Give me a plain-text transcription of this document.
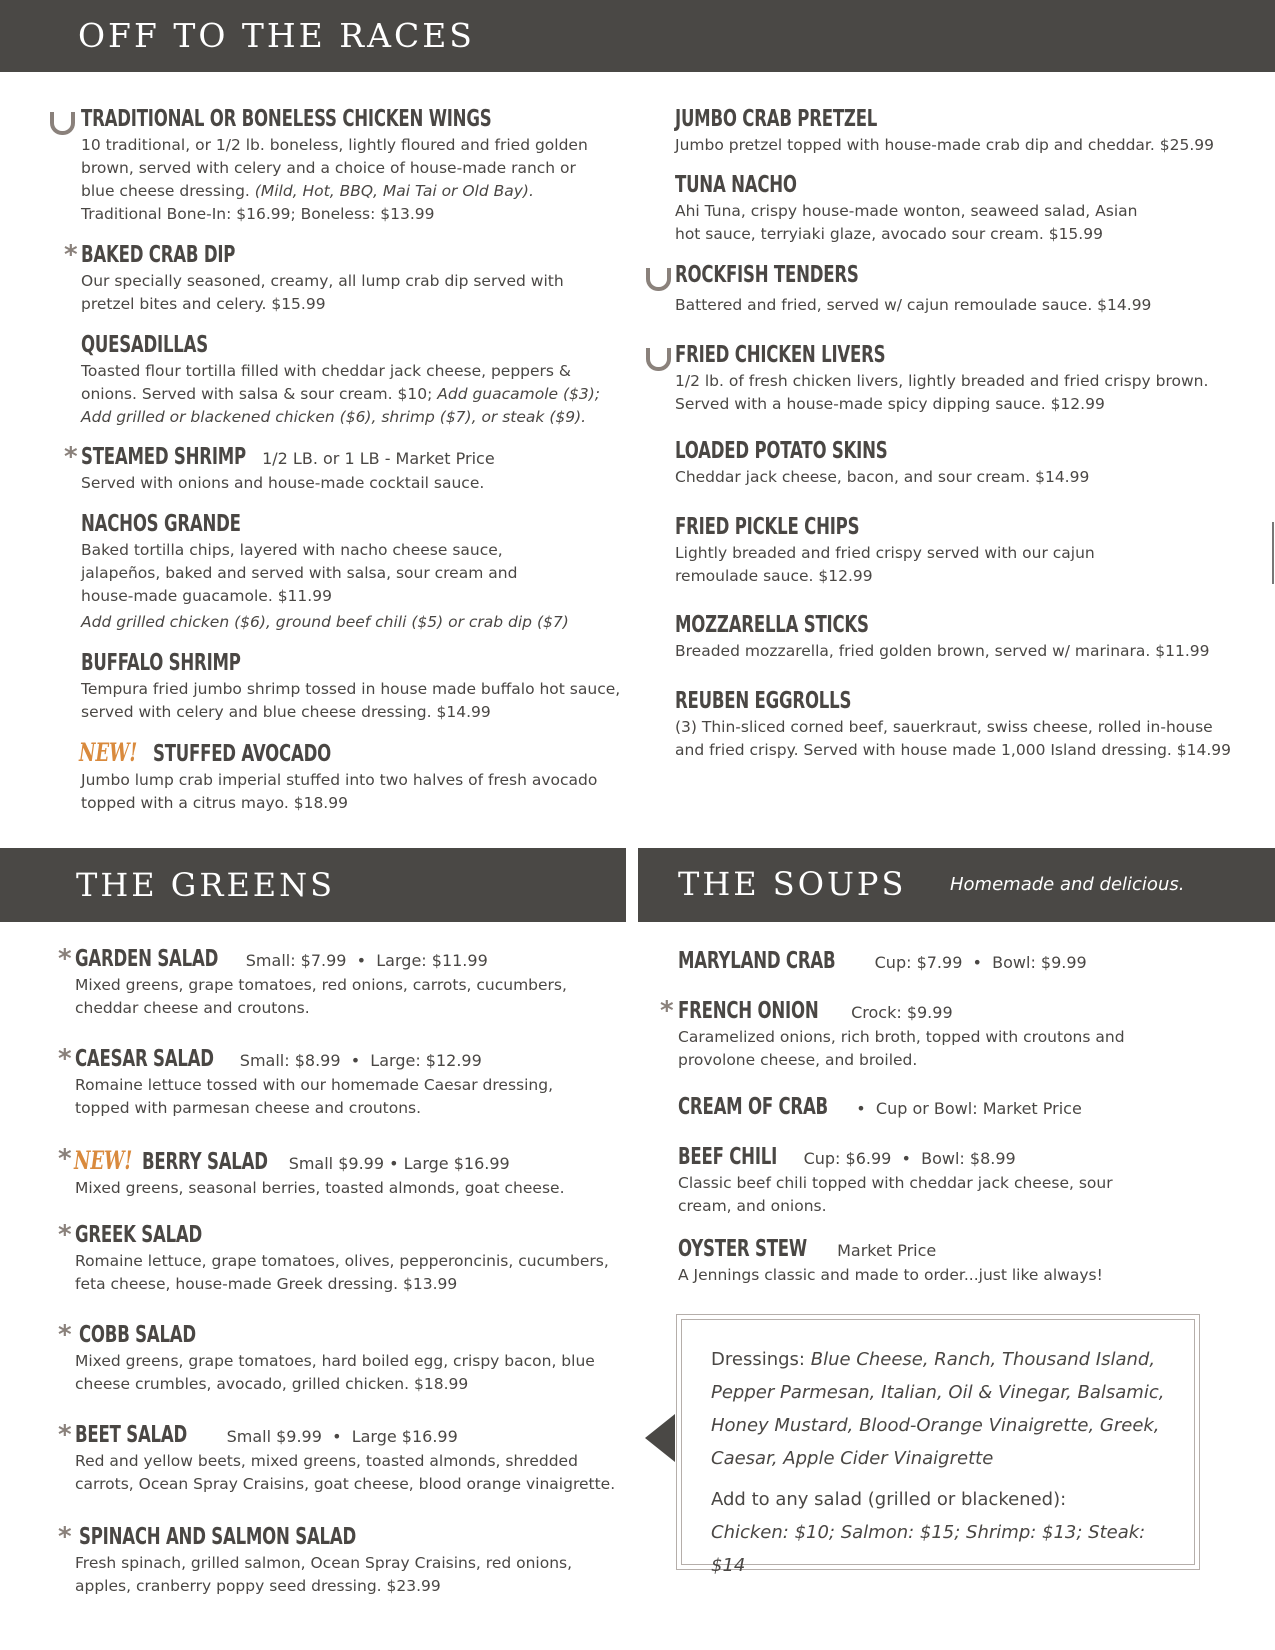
OFF TO THE RACES
TRADITIONAL OR BONELESS CHICKEN WINGS
10 traditional, or 1/2 lb. boneless, lightly floured and fried golden brown, served with celery and a choice of house-made ranch or blue cheese dressing. (Mild, Hot, BBQ, Mai Tai or Old Bay).
Traditional Bone-In: $16.99; Boneless: $13.99
* BAKED CRAB DIP
Our specially seasoned, creamy, all lump crab dip served with pretzel bites and celery. $15.99
QUESADILLAS
Toasted flour tortilla filled with cheddar jack cheese, peppers & onions. Served with salsa & sour cream. $10; Add guacamole ($3); Add grilled or blackened chicken ($6), shrimp ($7), or steak ($9).
* STEAMED SHRIMP 1/2 LB. or 1 LB - Market Price
Served with onions and house-made cocktail sauce.
NACHOS GRANDE
Baked tortilla chips, layered with nacho cheese sauce, jalapeños, baked and served with salsa, sour cream and house-made guacamole. $11.99
Add grilled chicken ($6), ground beef chili ($5) or crab dip ($7)
BUFFALO SHRIMP
Tempura fried jumbo shrimp tossed in house made buffalo hot sauce, served with celery and blue cheese dressing. $14.99
NEW! STUFFED AVOCADO
Jumbo lump crab imperial stuffed into two halves of fresh avocado topped with a citrus mayo. $18.99
JUMBO CRAB PRETZEL
Jumbo pretzel topped with house-made crab dip and cheddar. $25.99
TUNA NACHO
Ahi Tuna, crispy house-made wonton, seaweed salad, Asian hot sauce, terryiaki glaze, avocado sour cream. $15.99
ROCKFISH TENDERS
Battered and fried, served w/ cajun remoulade sauce. $14.99
FRIED CHICKEN LIVERS
1/2 lb. of fresh chicken livers, lightly breaded and fried crispy brown. Served with a house-made spicy dipping sauce. $12.99
LOADED POTATO SKINS
Cheddar jack cheese, bacon, and sour cream. $14.99
FRIED PICKLE CHIPS
Lightly breaded and fried crispy served with our cajun remoulade sauce. $12.99
MOZZARELLA STICKS
Breaded mozzarella, fried golden brown, served w/ marinara. $11.99
REUBEN EGGROLLS
(3) Thin-sliced corned beef, sauerkraut, swiss cheese, rolled in-house and fried crispy. Served with house made 1,000 Island dressing. $14.99
THE GREENS
* GARDEN SALAD Small: $7.99  •  Large: $11.99
Mixed greens, grape tomatoes, red onions, carrots, cucumbers, cheddar cheese and croutons.
* CAESAR SALAD Small: $8.99  •  Large: $12.99
Romaine lettuce tossed with our homemade Caesar dressing, topped with parmesan cheese and croutons.
* NEW! BERRY SALAD Small $9.99 • Large $16.99
Mixed greens, seasonal berries, toasted almonds, goat cheese.
* GREEK SALAD
Romaine lettuce, grape tomatoes, olives, pepperoncinis, cucumbers, feta cheese, house-made Greek dressing. $13.99
* COBB SALAD
Mixed greens, grape tomatoes, hard boiled egg, crispy bacon, blue cheese crumbles, avocado, grilled chicken. $18.99
* BEET SALAD Small $9.99  •  Large $16.99
Red and yellow beets, mixed greens, toasted almonds, shredded carrots, Ocean Spray Craisins, goat cheese, blood orange vinaigrette.
* SPINACH AND SALMON SALAD
Fresh spinach, grilled salmon, Ocean Spray Craisins, red onions, apples, cranberry poppy seed dressing. $23.99
THE SOUPS Homemade and delicious.
MARYLAND CRAB Cup: $7.99  •  Bowl: $9.99
* FRENCH ONION Crock: $9.99
Caramelized onions, rich broth, topped with croutons and provolone cheese, and broiled.
CREAM OF CRAB •  Cup or Bowl: Market Price
BEEF CHILI Cup: $6.99  •  Bowl: $8.99
Classic beef chili topped with cheddar jack cheese, sour cream, and onions.
OYSTER STEW Market Price
A Jennings classic and made to order...just like always!
Dressings: Blue Cheese, Ranch, Thousand Island, Pepper Parmesan, Italian, Oil & Vinegar, Balsamic, Honey Mustard, Blood-Orange Vinaigrette, Greek, Caesar, Apple Cider Vinaigrette
Add to any salad (grilled or blackened):
Chicken: $10; Salmon: $15; Shrimp: $13; Steak: $14
